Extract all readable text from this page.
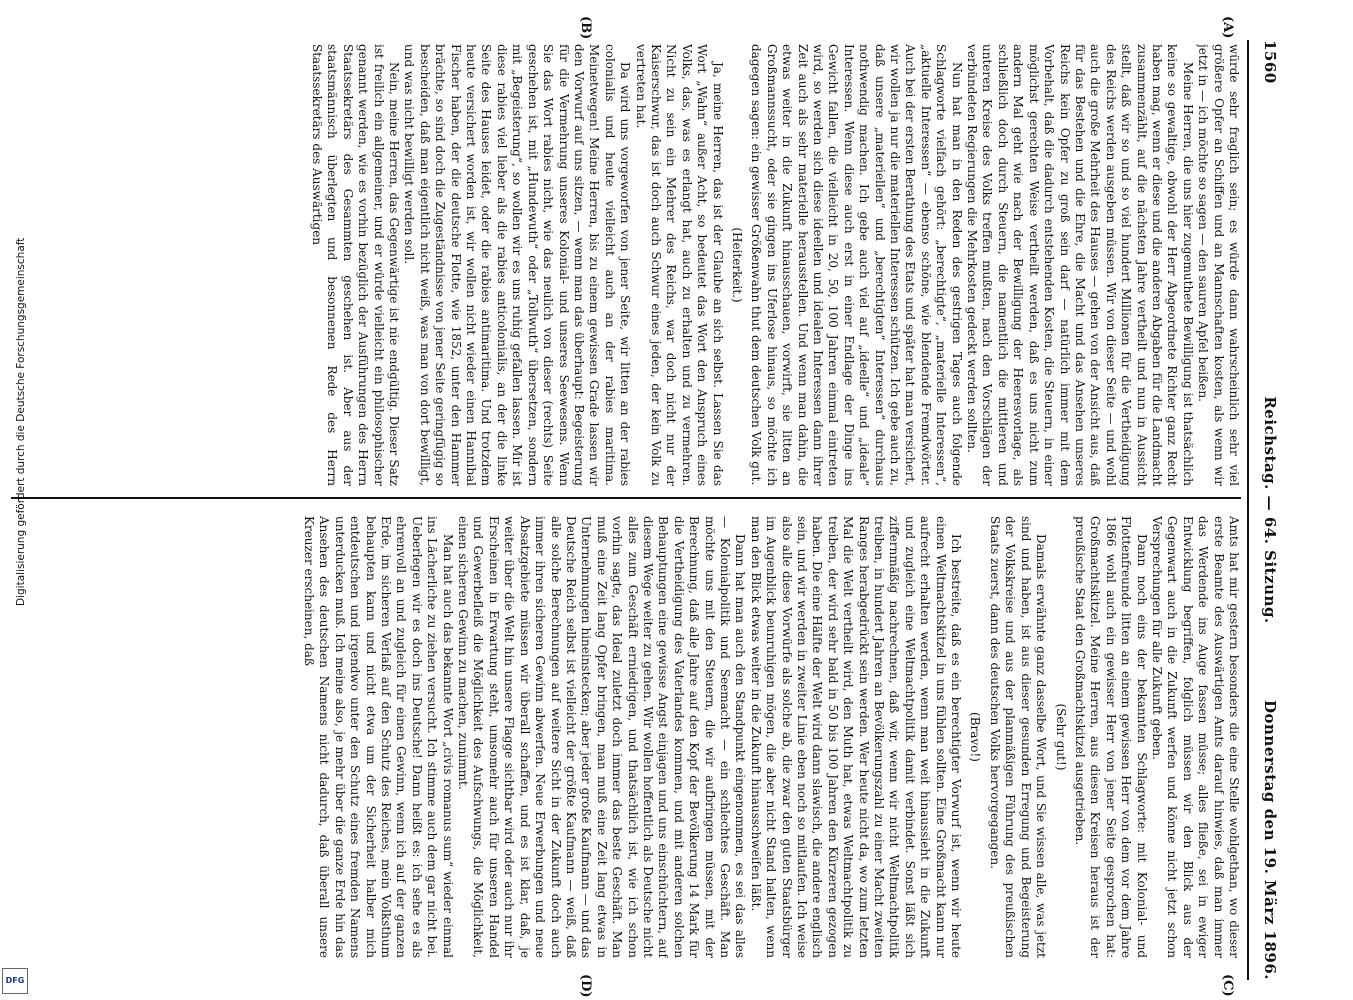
1560
Reichstag. — 64. Sitzung.
Donnerstag den 19. März 1896.
(A)
(B)
(C)
(D)

würde sehr fraglich sein; es würde dann wahrscheinlich sehr viel größere Opfer an Schiffen und an Mannschaften kosten, als wenn wir jetzt in — ich möchte so sagen — den sauren Apfel beißen.

Meine Herren, die uns hier zugemuthete Bewilligung ist thatsächlich keine so gewaltige, obwohl der Herr Abgeordnete Richter ganz Recht haben mag, wenn er diese und die anderen Abgaben für die Landmacht zusammenzählt, auf die nächsten Jahre vertheilt und nun in Aussicht stellt, daß wir so und so viel hundert Millionen für die Vertheidigung des Reichs werden ausgeben müssen. Wir von dieser Seite — und wohl auch die große Mehrheit des Hauses — gehen von der Ansicht aus, daß für das Bestehen und die Ehre, die Macht und das Ansehen unseres Reichs kein Opfer zu groß sein darf — natürlich immer mit dem Vorbehalt, daß die dadurch entstehenden Kosten, die Steuern, in einer möglichst gerechten Weise vertheilt werden, daß es uns nicht zum andern Mal geht wie nach der Bewilligung der Heeresvorlage, als schließlich doch durch Steuern, die namentlich die mittleren und unteren Kreise des Volks treffen mußten, nach den Vorschlägen der verbündeten Regierungen die Mehrkosten gedeckt werden sollten.

Nun hat man in den Reden des gestrigen Tages auch folgende Schlagworte vielfach gehört: „berechtigte“, „materielle Interessen“, „aktuelle Interessen“ — ebenso schöne, wie blendende Fremdwörter. Auch bei der ersten Berathung des Etats und später hat man versichert, wir wollen ja nur die materiellen Interessen schützen. Ich gebe auch zu, daß unsere „materiellen“ und „berechtigten“ Interessen“ durchaus nothwendig machen. Ich gebe auch viel auf „ideelle“ und „ideale“ Interessen. Wenn diese auch erst in einer Endlage der Dinge ins Gewicht fallen, die vielleicht in 20, 50, 100 Jahren einmal eintreten wird, so werden sich diese ideellen und idealen Interessen dann ihrer Zeit auch als sehr materielle herausstellen. Und wenn man dahin, die etwas weiter in die Zukunft hinausschauen, vorwirft, sie litten an Großmannssucht, oder sie gingen ins Uferlose hinaus, so möchte ich dagegen sagen: ein gewisser Größenwahn thut dem deutschen Volk gut.

(Heiterkeit.)

Ja, meine Herren, das ist der Glaube an sich selbst. Lassen Sie das Wort „Wahn“ außer Acht, so bedeutet das Wort den Anspruch eines Volks, das, was es erlangt hat, auch zu erhalten und zu vermehren. Nicht zu sein ein Mehrer des Reichs, war doch nicht nur der Kaiserschwur, das ist doch auch Schwur eines jeden, der kein Volk zu vertreten hat.

Da wird uns vorgeworfen von jener Seite, wir litten an der rabies colonialis und heute vielleicht auch an der rabies maritima. Meinetwegen! Meine Herren, bis zu einem gewissen Grade lassen wir den Vorwurf auf uns sitzen, — wenn man das überhaupt: Begeisterung für die Vermehrung unseres Kolonial- und unseres Seewesens. Wenn Sie das Wort rabies nicht, wie das neulich von dieser (rechts) Seite geschehen ist, mit „Hundewuth“ oder „Tollwuth“ übersetzen, sondern mit „Begeisterung“, so wollen wir es uns ruhig gefallen lassen. Mir ist diese rabies viel lieber als die rabies anticolonialis, an der die linke Seite des Hauses leidet, oder die rabies antimaritima. Und trotzdem heute versichert worden ist, wir wollen nicht wieder einen Hannibal Fischer haben, der die deutsche Flotte, wie 1852, unter den Hammer brächte, so sind doch die Zugeständnisse von jener Seite geringfügig so bescheiden, daß man eigentlich nicht weiß, was man von dort bewilligt, und was nicht bewilligt werden soll.

Nein, meine Herren, das Gegenwärtige ist nie endgültig. Dieser Satz ist freilich ein allgemeiner, und er würde vielleicht ein philosophischer genannt werden, wie es vorhin bezüglich der Ausführungen des Herrn Staatssekretärs des Gesammten geschehen ist. Aber aus der staatsmännisch überlegten und besonnenen Rede des Herrn Staatssekretärs des Auswärtigen

Amts hat mir gestern besonders die eine Stelle wohlgethan, wo dieser erste Beamte des Auswärtigen Amts darauf hinwies, daß man immer das Werdende ins Auge fassen müsse; alles fließe, sei in ewiger Entwicklung begriffen, folglich müssen wir den Blick aus der Gegenwart auch in die Zukunft werfen und könne nicht jetzt schon Versprechungen für alle Zukunft geben.

Dann noch eins der bekannten Schlagworte: mit Kolonial- und Flottenfreunde litten an einem gewissen Herr von dem vor dem Jahre 1866 wohl auch ein gewisser Herr von jener Seite gesprochen hat: Großmachtskitzel. Meine Herren, aus diesen Kreisen heraus ist der preußische Staat den Großmachtskitzel ausgetrieben.

(Sehr gut!)

Damals erwähnte ganz dasselbe Wort, und Sie wissen alle, was jetzt sind und haben, ist aus dieser gesunden Erregung und Begeisterung der Volkskreise und aus der planmäßigen Führung des preußischen Staats zuerst, dann des deutschen Volks hervorgegangen.

(Bravo!)

Ich bestreite, daß es ein berechtigter Vorwurf ist, wenn wir heute einen Weltmachtskitzel in uns fühlen sollten. Eine Großmacht kann nur aufrecht erhalten werden, wenn man weit hinaussieht in die Zukunft und zugleich eine Weltmachtpolitik damit verbindet. Sonst läßt sich ziffernmäßig nachrechnen, daß wir, wenn wir nicht Weltmachtpolitik treiben, in hundert Jahren an Bevölkerungszahl zu einer Macht zweiten Ranges herabgedrückt sein werden. Wer heute nicht da, wo zum letzten Mal die Welt vertheilt wird, den Muth hat, etwas Weltmachtpolitik zu treiben, der wird sehr bald in 50 bis 100 Jahren den Kürzeren gezogen haben. Die eine Hälfte der Welt wird dann slawisch, die andere englisch sein, und wir werden in zweiter Linie eben noch so mitlaufen. Ich weise also alle diese Vorwürfe als solche ab, die zwar den guten Staatsbürger im Augenblick beunruhigen mögen, die aber nicht Stand halten, wenn man den Blick etwas weiter in die Zukunft hinausschweifen läßt.

Dann hat man auch den Standpunkt eingenommen, es sei das alles — Kolonialpolitik und Seemacht — ein schlechtes Geschäft. Man möchte uns mit den Steuern, die wir aufbringen müssen, mit der Berechnung, daß alle Jahre auf den Kopf der Bevölkerung 14 Mark für die Vertheidigung des Vaterlandes kommen, und mit anderen solchen Behauptungen eine gewisse Angst einjagen und uns einschüchtern, auf diesem Wege weiter zu gehen. Wir wollen hoffentlich als Deutsche nicht alles zum Geschäft erniedrigen, und thatsächlich ist, wie ich schon vorhin sagte, das Ideal zuletzt doch immer das beste Geschäft. Man muß eine Zeit lang Opfer bringen, man muß eine Zeit lang etwas in Unternehmungen hineinstecken; aber jeder große Kaufmann — und das Deutsche Reich selbst ist vielleicht der größte Kaufmann — weiß, daß alle solche Berechnungen auf weitere Sicht in der Zukunft doch auch immer ihren sicheren Gewinn abwerfen. Neue Erwerbungen und neue Absatzgebiete müssen wir überall schaffen, und es ist klar, daß, je weiter über die Welt hin unsere Flagge sichtbar wird oder auch nur ihr Erscheinen in Erwartung steht, umsomehr auch für unseren Handel und Gewerbefleiß die Möglichkeit des Aufschwungs, die Möglichkeit, einen sicheren Gewinn zu machen, zunimmt.

Man hat auch das bekannte Wort „civis romanus sum“ wieder einmal ins Lächerliche zu ziehen versucht. Ich stimme auch dem gar nicht bei. Ueberlegen wir es doch ins Deutsche! Dann heißt es: ich sehe es als ehrenvoll an und zugleich für einen Gewinn, wenn ich auf der ganzen Erde, im sicheren Verlaß auf den Schutz des Reiches, mein Volksthum behaupten kann und nicht etwa um der Sicherheit halber mich entdeutschen und irgendwo unter den Schutz eines fremden Namens unterducken muß. Ich meine also, je mehr über die ganze Erde hin das Ansehen des deutschen Namens nicht dadurch, daß überall unsere Kreuzer erscheinen, daß

Digitalisierung gefördert durch die Deutsche Forschungsgemeinschaft
DFG
